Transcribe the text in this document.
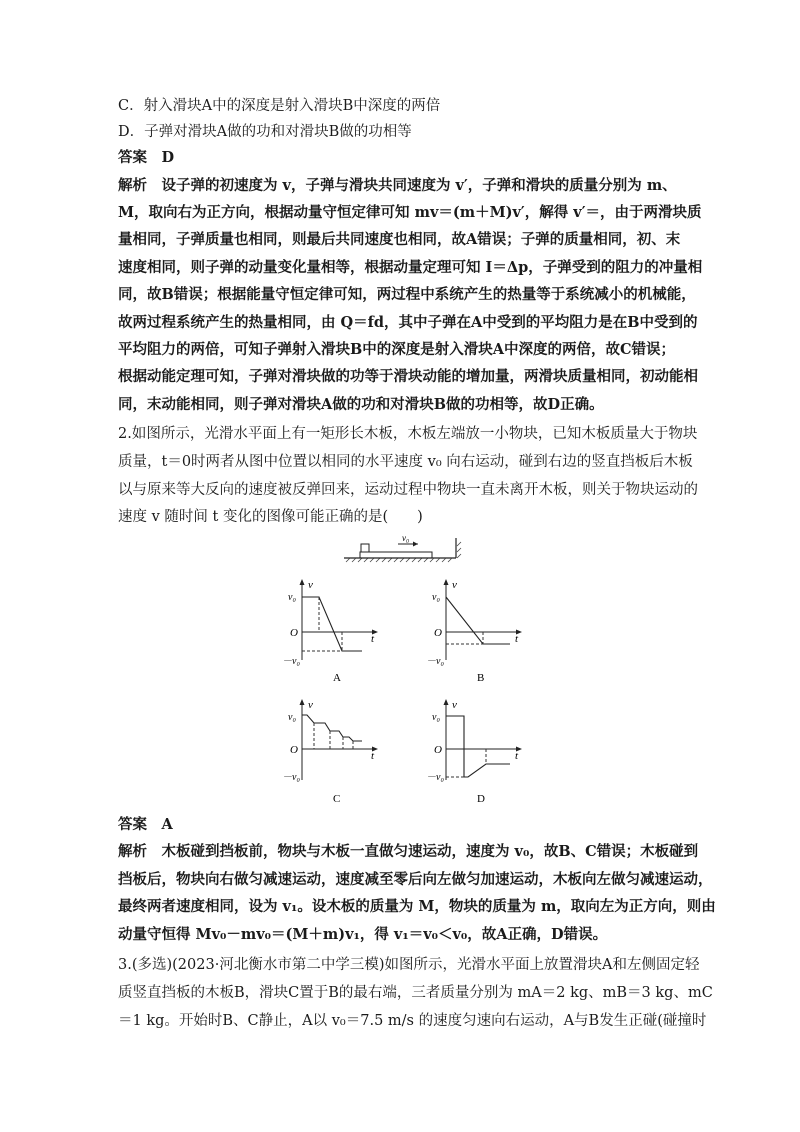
C．射入滑块A中的深度是射入滑块B中深度的两倍
D．子弹对滑块A做的功和对滑块B做的功相等
答案　D
解析　设子弹的初速度为 v，子弹与滑块共同速度为 v′，子弹和滑块的质量分别为 m、
M，取向右为正方向，根据动量守恒定律可知 mv＝(m＋M)v′，解得 v′＝，由于两滑块质
量相同，子弹质量也相同，则最后共同速度也相同，故A错误；子弹的质量相同，初、末
速度相同，则子弹的动量变化量相等，根据动量定理可知 I＝Δp，子弹受到的阻力的冲量相
同，故B错误；根据能量守恒定律可知，两过程中系统产生的热量等于系统减小的机械能，
故两过程系统产生的热量相同，由 Q＝fd，其中子弹在A中受到的平均阻力是在B中受到的
平均阻力的两倍，可知子弹射入滑块B中的深度是射入滑块A中深度的两倍，故C错误；
根据动能定理可知，子弹对滑块做的功等于滑块动能的增加量，两滑块质量相同，初动能相
同，末动能相同，则子弹对滑块A做的功和对滑块B做的功相等，故D正确。
2.如图所示，光滑水平面上有一矩形长木板，木板左端放一小物块，已知木板质量大于物块
质量，t＝0时两者从图中位置以相同的水平速度 v₀ 向右运动，碰到右边的竖直挡板后木板
以与原来等大反向的速度被反弹回来，运动过程中物块一直未离开木板，则关于物块运动的
速度 v 随时间 t 变化的图像可能正确的是(　　)
v₀
v
t
v₀
O
－v₀
A
v
t
v₀
O
－v₀
B
v
t
v₀
O
－v₀
C
v
t
v₀
O
－v₀
D
答案　A
解析　木板碰到挡板前，物块与木板一直做匀速运动，速度为 v₀，故B、C错误；木板碰到
挡板后，物块向右做匀减速运动，速度减至零后向左做匀加速运动，木板向左做匀减速运动，
最终两者速度相同，设为 v₁。设木板的质量为 M，物块的质量为 m，取向左为正方向，则由
动量守恒得 Mv₀－mv₀＝(M＋m)v₁，得 v₁＝v₀＜v₀，故A正确，D错误。
3.(多选)(2023·河北衡水市第二中学三模)如图所示，光滑水平面上放置滑块A和左侧固定轻
质竖直挡板的木板B，滑块C置于B的最右端，三者质量分别为 mA＝2 kg、mB＝3 kg、mC
＝1 kg。开始时B、C静止，A以 v₀＝7.5 m/s 的速度匀速向右运动，A与B发生正碰(碰撞时
